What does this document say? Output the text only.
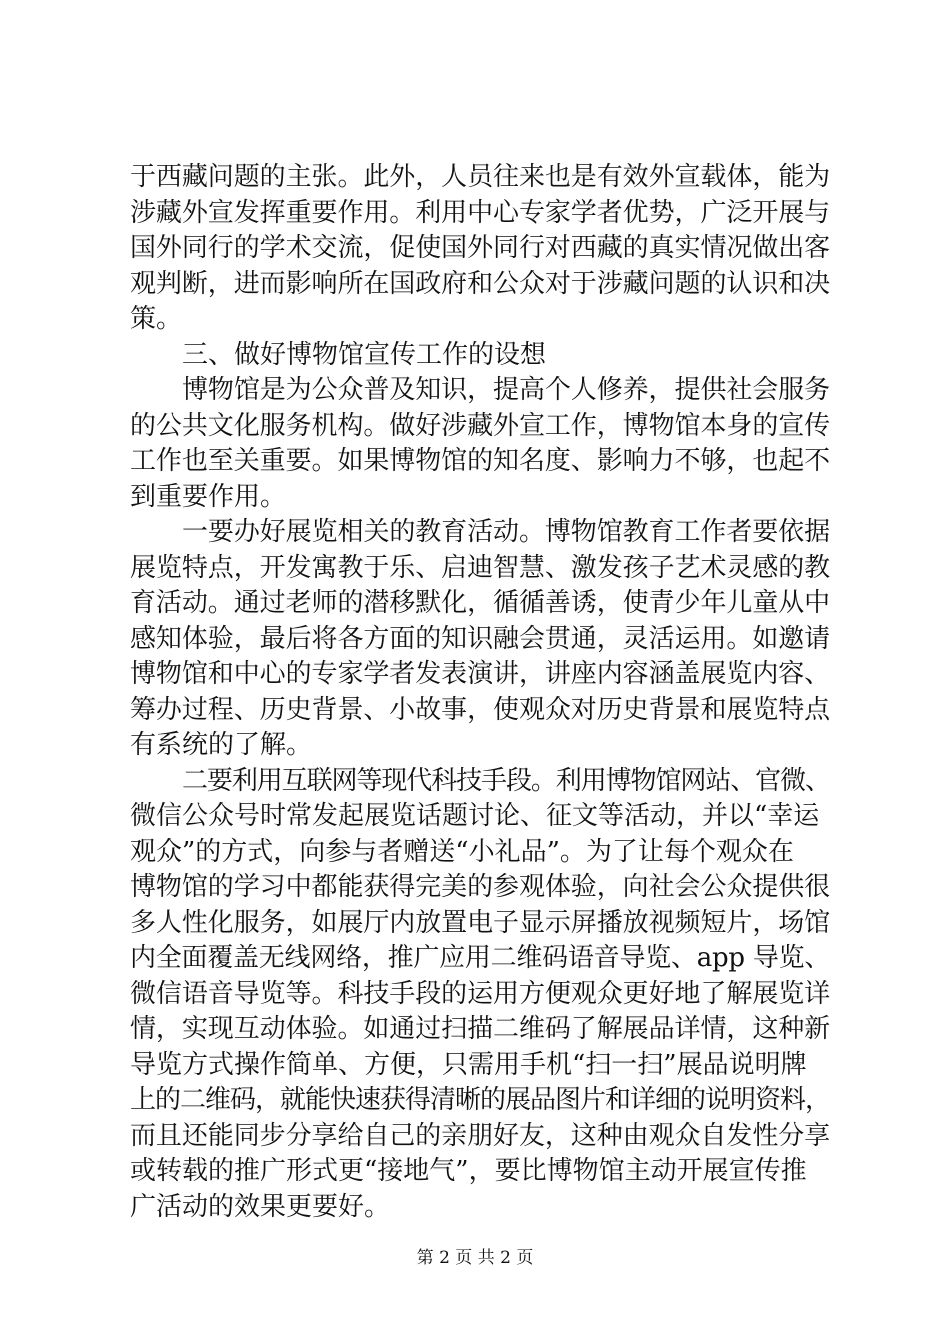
于西藏问题的主张。此外，人员往来也是有效外宣载体，能为
涉藏外宣发挥重要作用。利用中心专家学者优势，广泛开展与
国外同行的学术交流，促使国外同行对西藏的真实情况做出客
观判断，进而影响所在国政府和公众对于涉藏问题的认识和决
策。
三、做好博物馆宣传工作的设想
博物馆是为公众普及知识，提高个人修养，提供社会服务
的公共文化服务机构。做好涉藏外宣工作，博物馆本身的宣传
工作也至关重要。如果博物馆的知名度、影响力不够，也起不
到重要作用。
一要办好展览相关的教育活动。博物馆教育工作者要依据
展览特点，开发寓教于乐、启迪智慧、激发孩子艺术灵感的教
育活动。通过老师的潜移默化，循循善诱，使青少年儿童从中
感知体验，最后将各方面的知识融会贯通，灵活运用。如邀请
博物馆和中心的专家学者发表演讲，讲座内容涵盖展览内容、
筹办过程、历史背景、小故事，使观众对历史背景和展览特点
有系统的了解。
二要利用互联网等现代科技手段。利用博物馆网站、官微、
微信公众号时常发起展览话题讨论、征文等活动，并以“幸运
观众”的方式，向参与者赠送“小礼品”。为了让每个观众在
博物馆的学习中都能获得完美的参观体验，向社会公众提供很
多人性化服务，如展厅内放置电子显示屏播放视频短片，场馆
内全面覆盖无线网络，推广应用二维码语音导览、app 导览、
微信语音导览等。科技手段的运用方便观众更好地了解展览详
情，实现互动体验。如通过扫描二维码了解展品详情，这种新
导览方式操作简单、方便，只需用手机“扫一扫”展品说明牌
上的二维码，就能快速获得清晰的展品图片和详细的说明资料，
而且还能同步分享给自己的亲朋好友，这种由观众自发性分享
或转载的推广形式更“接地气”，要比博物馆主动开展宣传推
广活动的效果更要好。
第 2 页 共 2 页
